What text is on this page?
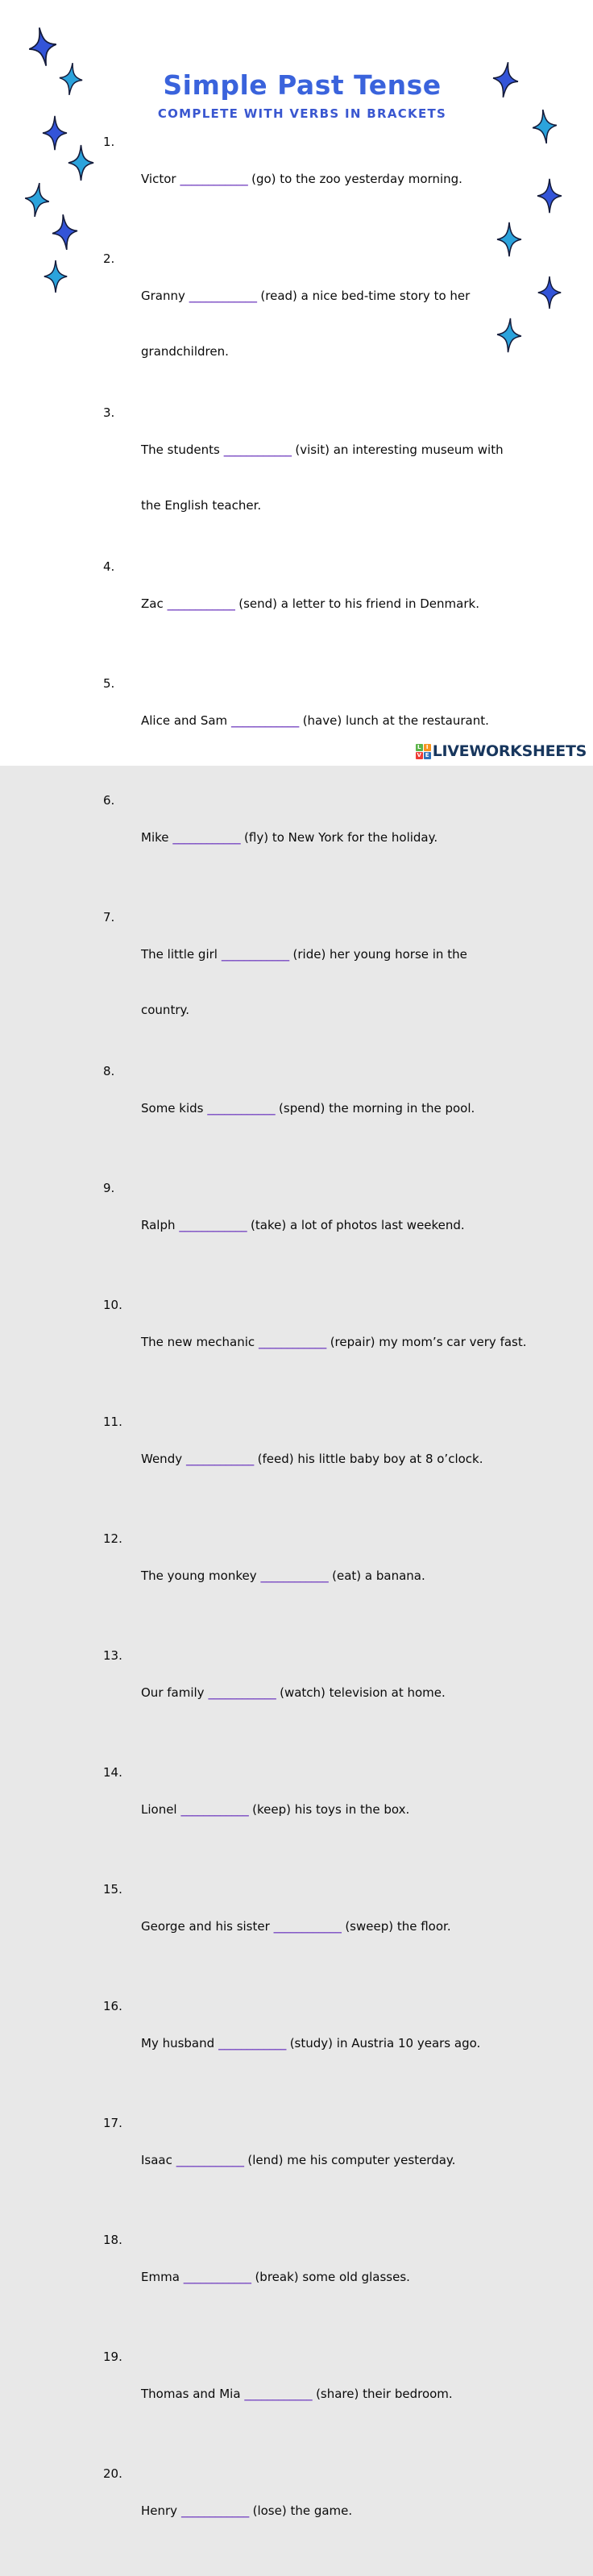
Simple Past Tense
COMPLETE WITH VERBS IN BRACKETS
1.

Victor ____________ (go) to the zoo yesterday morning.

2.

Granny ____________ (read) a nice bed-time story to her

grandchildren.

3.

The students ____________ (visit) an interesting museum with

the English teacher.

4.

Zac ____________ (send) a letter to his friend in Denmark.

5.

Alice and Sam ____________ (have) lunch at the restaurant.

6.

Mike ____________ (fly) to New York for the holiday.

7.

The little girl ____________ (ride) her young horse in the

country.

8.

Some kids ____________ (spend) the morning in the pool.

9.

Ralph ____________ (take) a lot of photos last weekend.

10.

The new mechanic ____________ (repair) my mom’s car very fast.

11.

Wendy ____________ (feed) his little baby boy at 8 o’clock.

12.

The young monkey ____________ (eat) a banana.

13.

Our family ____________ (watch) television at home.

14.

Lionel ____________ (keep) his toys in the box.

15.

George and his sister ____________ (sweep) the floor.

16.

My husband ____________ (study) in Austria 10 years ago.

17.

Isaac ____________ (lend) me his computer yesterday.

18.

Emma ____________ (break) some old glasses.

19.

Thomas and Mia ____________ (share) their bedroom.

20.

Henry ____________ (lose) the game.

L I
V E LIVEWORKSHEETS
